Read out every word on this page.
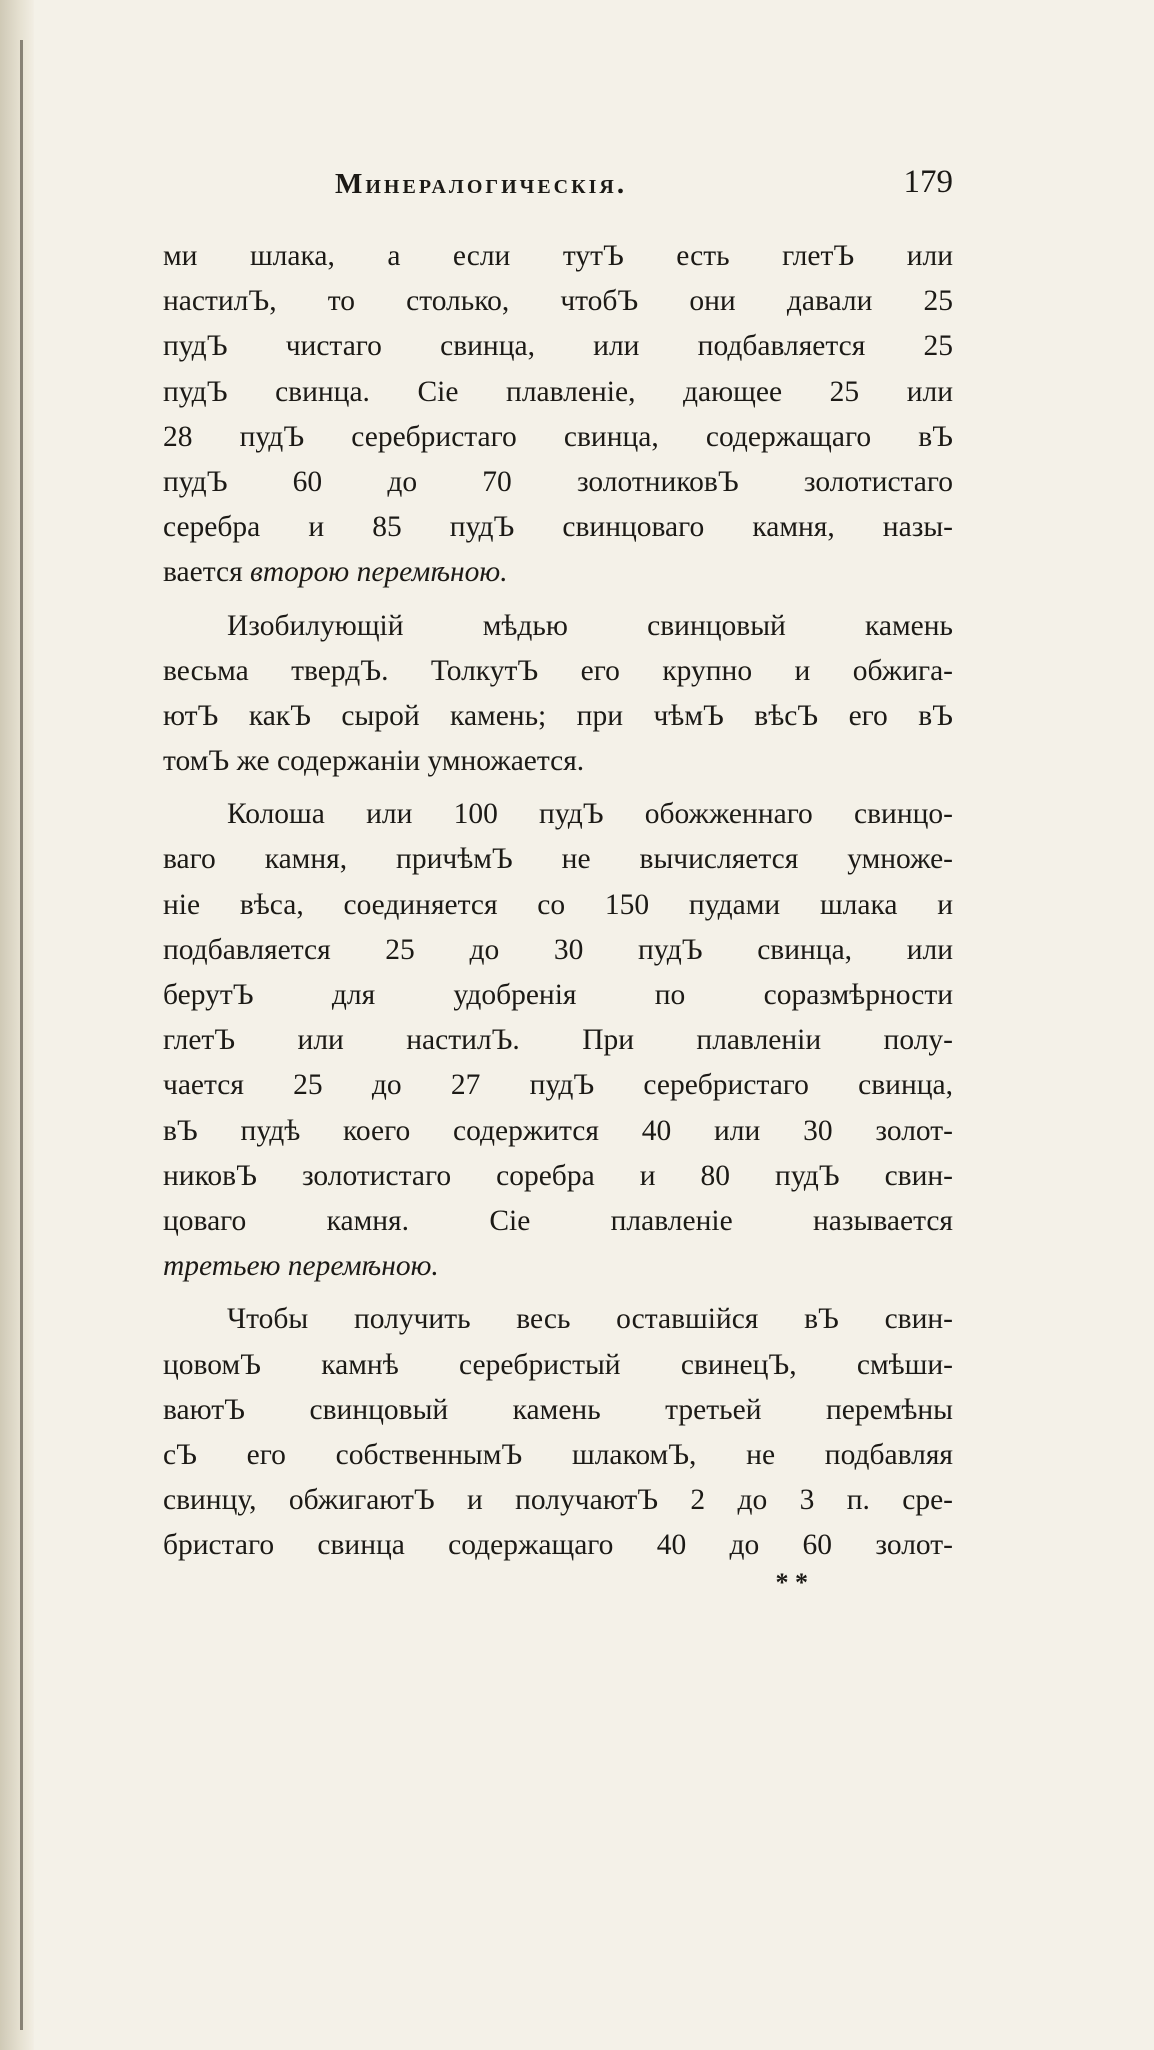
Минералогическія.	179
ми шлака, а если тутЪ есть глетЪ или
настилЪ, то столько, чтобЪ они давали 25
пудЪ чистаго свинца, или подбавляется 25
пудЪ свинца. Сіе плавленіе, дающее 25 или
28 пудЪ серебристаго свинца, содержащаго вЪ
пудЪ 60 до 70 золотниковЪ золотистаго
серебра и 85 пудЪ свинцоваго камня, назы-
вается второю перемѣною.
Изобилующій мѣдью свинцовый камень
весьма твердЪ. ТолкутЪ его крупно и обжига-
ютЪ какЪ сырой камень; при чѣмЪ вѣсЪ его вЪ
томЪ же содержаніи умножается.
Колоша или 100 пудЪ обожженнаго свинцо-
ваго камня, причѣмЪ не вычисляется умноже-
ніе вѣса, соединяется со 150 пудами шлака и
подбавляется 25 до 30 пудЪ свинца, или
берутЪ для удобренія по соразмѣрности
глетЪ или настилЪ. При плавленіи полу-
чается 25 до 27 пудЪ серебристаго свинца,
вЪ пудѣ коего содержится 40 или 30 золот-
никовЪ золотистаго соребра и 80 пудЪ свин-
цоваго камня. Сіе плавленіе называется
третьею перемѣною.
Чтобы получить весь оставшійся вЪ свин-
цовомЪ камнѣ серебристый свинецЪ, смѣши-
ваютЪ свинцовый камень третьей перемѣны
сЪ его собственнымЪ шлакомЪ, не подбавляя
свинцу, обжигаютЪ и получаютЪ 2 до 3 п. сре-
бристаго свинца содержащаго 40 до 60 золот-
* *
